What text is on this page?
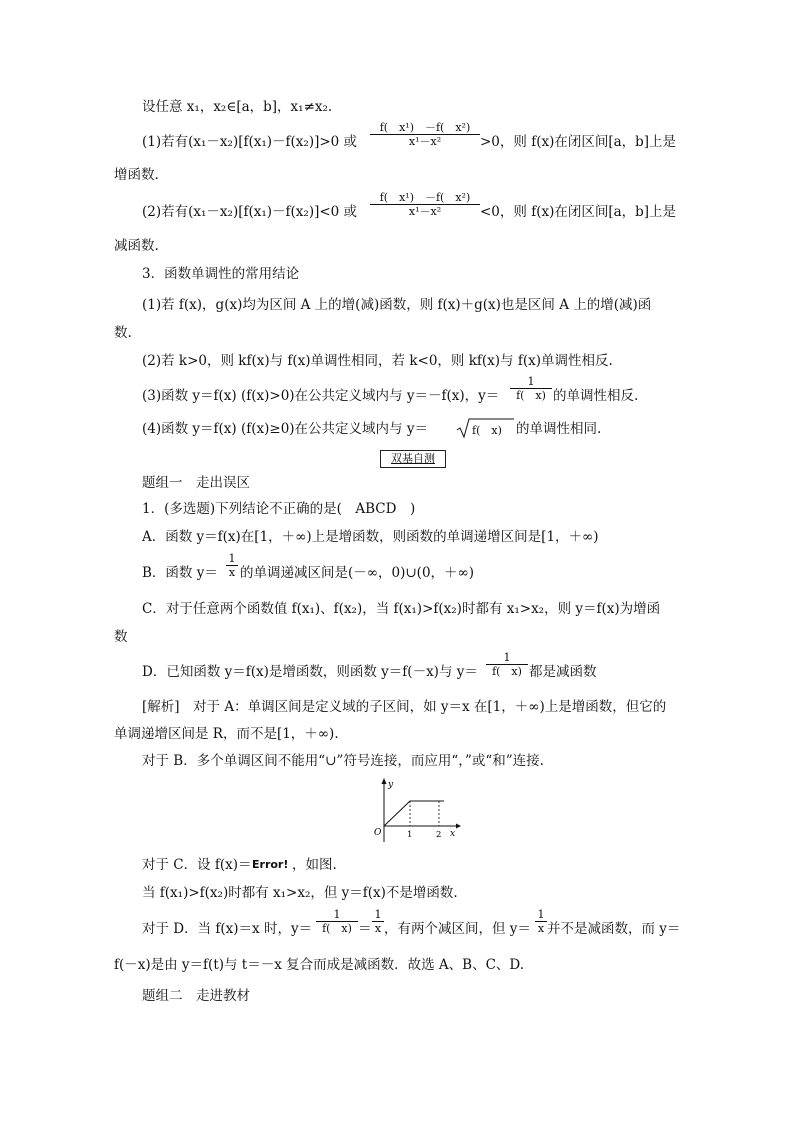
设任意 x₁，x₂∈[a，b]，x₁≠x₂.
(1)若有(x₁－x₂)[f(x₁)－f(x₂)]>0 或 $\frac{\text{f(　x¹)　－f(　x²)}}{\text{x¹－x²}} >0$，则 f(x)在闭区间[a，b]上是
增函数.
(2)若有(x₁－x₂)[f(x₁)－f(x₂)]<0 或 $\frac{\text{f(　x¹)　－f(　x²)}}{\text{x¹－x²}} <0$，则 f(x)在闭区间[a，b]上是
减函数.
3．函数单调性的常用结论
(1)若 f(x)，g(x)均为区间 A 上的增(减)函数，则 f(x)＋g(x)也是区间 A 上的增(减)函
数.
(2)若 k>0，则 kf(x)与 f(x)单调性相同，若 k<0，则 kf(x)与 f(x)单调性相反.
(3)函数 y＝f(x) (f(x)>0)在公共定义域内与 y＝－f(x)，$y= \frac{1}{f( x)}$ 的单调性相反.
(4)函数 y＝f(x) (f(x)≥0)在公共定义域内与 y＝	f(　x) 的单调性相同.
双基自测
题组一　走出误区
1．(多选题)下列结论不正确的是(　ABCD　)
A．函数 y＝f(x)在[1，＋∞)上是增函数，则函数的单调递增区间是[1，＋∞)
B．函数 $y= \frac{1}{x}$ 的单调递减区间是(－∞，0)∪(0，＋∞)
C．对于任意两个函数值 f(x₁)、f(x₂)，当 f(x₁)>f(x₂)时都有 x₁>x₂，则 y＝f(x)为增函
数
D．已知函数 y＝f(x)是增函数，则函数 y＝f(－x)与 $y= \frac{1}{f( x)}$ 都是减函数
[解析]　对于 A：单调区间是定义域的子区间，如 y＝x 在[1，＋∞)上是增函数，但它的
单调递增区间是 R，而不是[1，＋∞).
对于 B．多个单调区间不能用“∪”符号连接，而应用“，”或“和”连接.
y
x
O	1	2
对于 C．设 f(x)＝ Error! ，如图.
当 f(x₁)>f(x₂)时都有 x₁>x₂，但 y＝f(x)不是增函数.
对于 D．当 f(x)＝x 时，$y= \frac{1}{f( x)} = \frac{1}{x}$ ，有两个减区间，但 $y= \frac{1}{x}$ 并不是减函数，而 y＝
f(－x)是由 y＝f(t)与 t＝－x 复合而成是减函数．故选 A、B、C、D.
题组二　走进教材
